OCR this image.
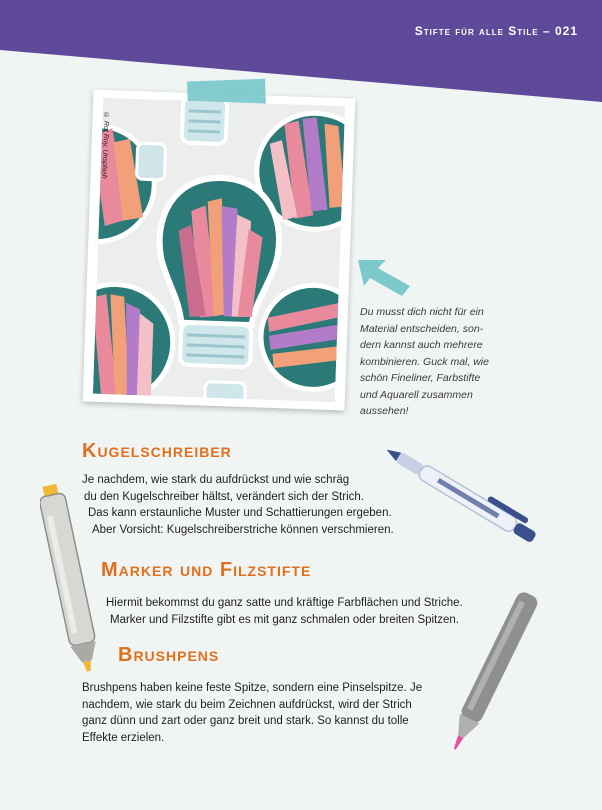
Stifte für alle Stile – 021
© Rot Roy, Unsplash
Du musst dich nicht für ein
Material entscheiden, son-
dern kannst auch mehrere
kombinieren. Guck mal, wie
schön Fineliner, Farbstifte
und Aquarell zusammen
aussehen!
Kugelschreiber
Je nachdem, wie stark du aufdrückst und wie schräg
du den Kugelschreiber hältst, verändert sich der Strich.
Das kann erstaunliche Muster und Schattierungen ergeben.
Aber Vorsicht: Kugelschreiberstriche können verschmieren.
Marker und Filzstifte
Hiermit bekommst du ganz satte und kräftige Farbflächen und Striche.
Marker und Filzstifte gibt es mit ganz schmalen oder breiten Spitzen.
Brushpens
Brushpens haben keine feste Spitze, sondern eine Pinselspitze. Je
nachdem, wie stark du beim Zeichnen aufdrückst, wird der Strich
ganz dünn und zart oder ganz breit und stark. So kannst du tolle
Effekte erzielen.
